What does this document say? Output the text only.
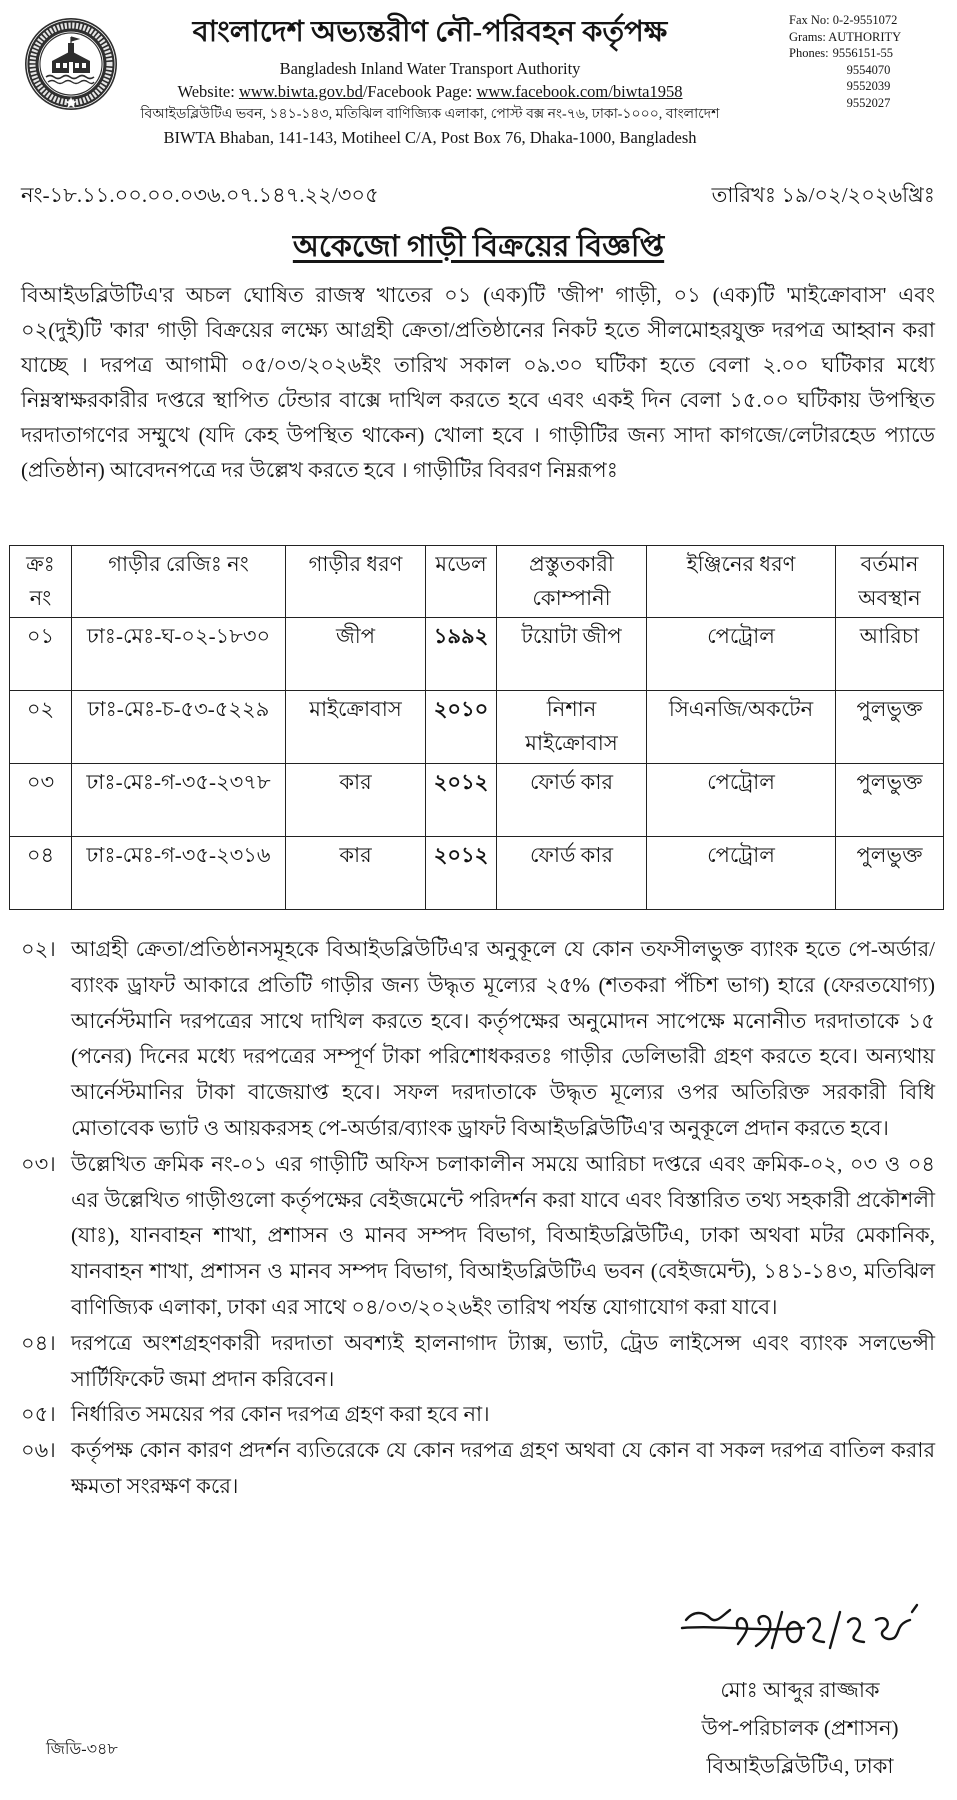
বাংলাদেশ অভ্যন্তরীণ নৌ-পরিবহন কর্তৃপক্ষ
Bangladesh Inland Water Transport Authority
Website: www.biwta.gov.bd/Facebook Page: www.facebook.com/biwta1958
বিআইডব্লিউটিএ ভবন, ১৪১-১৪৩, মতিঝিল বাণিজ্যিক এলাকা, পোস্ট বক্স নং-৭৬, ঢাকা-১০০০, বাংলাদেশ
BIWTA Bhaban, 141-143, Motiheel C/A, Post Box 76, Dhaka-1000, Bangladesh
Fax No: 0-2-9551072
Grams: AUTHORITY
Phones: 9556151-55
9554070
9552039
9552027
নং-১৮.১১.০০.০০.০৩৬.০৭.১৪৭.২২/৩০৫	তারিখঃ ১৯/০২/২০২৬খ্রিঃ
অকেজো গাড়ী বিক্রয়ের বিজ্ঞপ্তি

বিআইডব্লিউটিএ'র অচল ঘোষিত রাজস্ব খাতের ০১ (এক)টি 'জীপ' গাড়ী, ০১ (এক)টি 'মাইক্রোবাস' এবং ০২(দুই)টি 'কার' গাড়ী বিক্রয়ের লক্ষ্যে আগ্রহী ক্রেতা/প্রতিষ্ঠানের নিকট হতে সীলমোহরযুক্ত দরপত্র আহ্বান করা যাচ্ছে । দরপত্র আগামী ০৫/০৩/২০২৬ইং তারিখ সকাল ০৯.৩০ ঘটিকা হতে বেলা ২.০০ ঘটিকার মধ্যে নিম্নস্বাক্ষরকারীর দপ্তরে স্থাপিত টেন্ডার বাক্সে দাখিল করতে হবে এবং একই দিন বেলা ১৫.০০ ঘটিকায় উপস্থিত দরদাতাগণের সম্মুখে (যদি কেহ উপস্থিত থাকেন) খোলা হবে । গাড়ীটির জন্য সাদা কাগজে/লেটারহেড প্যাডে (প্রতিষ্ঠান) আবেদনপত্রে দর উল্লেখ করতে হবে । গাড়ীটির বিবরণ নিম্নরূপঃ

ক্রঃ নং	গাড়ীর রেজিঃ নং	গাড়ীর ধরণ	মডেল	প্রস্তুতকারী কোম্পানী	ইঞ্জিনের ধরণ	বর্তমান অবস্থান
০১	ঢাঃ-মেঃ-ঘ-০২-১৮৩০	জীপ	১৯৯২	টয়োটা জীপ	পেট্রোল	আরিচা
০২	ঢাঃ-মেঃ-চ-৫৩-৫২২৯	মাইক্রোবাস	২০১০	নিশান মাইক্রোবাস	সিএনজি/অকটেন	পুলভুক্ত
০৩	ঢাঃ-মেঃ-গ-৩৫-২৩৭৮	কার	২০১২	ফোর্ড কার	পেট্রোল	পুলভুক্ত
০৪	ঢাঃ-মেঃ-গ-৩৫-২৩১৬	কার	২০১২	ফোর্ড কার	পেট্রোল	পুলভুক্ত
০২। আগ্রহী ক্রেতা/প্রতিষ্ঠানসমূহকে বিআইডব্লিউটিএ'র অনুকূলে যে কোন তফসীলভুক্ত ব্যাংক হতে পে-অর্ডার/ব্যাংক ড্রাফট আকারে প্রতিটি গাড়ীর জন্য উদ্ধৃত মূল্যের ২৫% (শতকরা পঁচিশ ভাগ) হারে (ফেরতযোগ্য) আর্নেস্টমানি দরপত্রের সাথে দাখিল করতে হবে। কর্তৃপক্ষের অনুমোদন সাপেক্ষে মনোনীত দরদাতাকে ১৫ (পনের) দিনের মধ্যে দরপত্রের সম্পূর্ণ টাকা পরিশোধকরতঃ গাড়ীর ডেলিভারী গ্রহণ করতে হবে। অন্যথায় আর্নেস্টমানির টাকা বাজেয়াপ্ত হবে। সফল দরদাতাকে উদ্ধৃত মূল্যের ওপর অতিরিক্ত সরকারী বিধি মোতাবেক ভ্যাট ও আয়করসহ পে-অর্ডার/ব্যাংক ড্রাফট বিআইডব্লিউটিএ'র অনুকূলে প্রদান করতে হবে।
০৩। উল্লেখিত ক্রমিক নং-০১ এর গাড়ীটি অফিস চলাকালীন সময়ে আরিচা দপ্তরে এবং ক্রমিক-০২, ০৩ ও ০৪ এর উল্লেখিত গাড়ীগুলো কর্তৃপক্ষের বেইজমেন্টে পরিদর্শন করা যাবে এবং বিস্তারিত তথ্য সহকারী প্রকৌশলী (যাঃ), যানবাহন শাখা, প্রশাসন ও মানব সম্পদ বিভাগ, বিআইডব্লিউটিএ, ঢাকা অথবা মটর মেকানিক, যানবাহন শাখা, প্রশাসন ও মানব সম্পদ বিভাগ, বিআইডব্লিউটিএ ভবন (বেইজমেন্ট), ১৪১-১৪৩, মতিঝিল বাণিজ্যিক এলাকা, ঢাকা এর সাথে ০৪/০৩/২০২৬ইং তারিখ পর্যন্ত যোগাযোগ করা যাবে।
০৪। দরপত্রে অংশগ্রহণকারী দরদাতা অবশ্যই হালনাগাদ ট্যাক্স, ভ্যাট, ট্রেড লাইসেন্স এবং ব্যাংক সলভেন্সী সার্টিফিকেট জমা প্রদান করিবেন।
০৫। নির্ধারিত সময়ের পর কোন দরপত্র গ্রহণ করা হবে না।
০৬। কর্তৃপক্ষ কোন কারণ প্রদর্শন ব্যতিরেকে যে কোন দরপত্র গ্রহণ অথবা যে কোন বা সকল দরপত্র বাতিল করার ক্ষমতা সংরক্ষণ করে।
মোঃ আব্দুর রাজ্জাক
উপ-পরিচালক (প্রশাসন)
বিআইডব্লিউটিএ, ঢাকা
জিডি-৩৪৮
